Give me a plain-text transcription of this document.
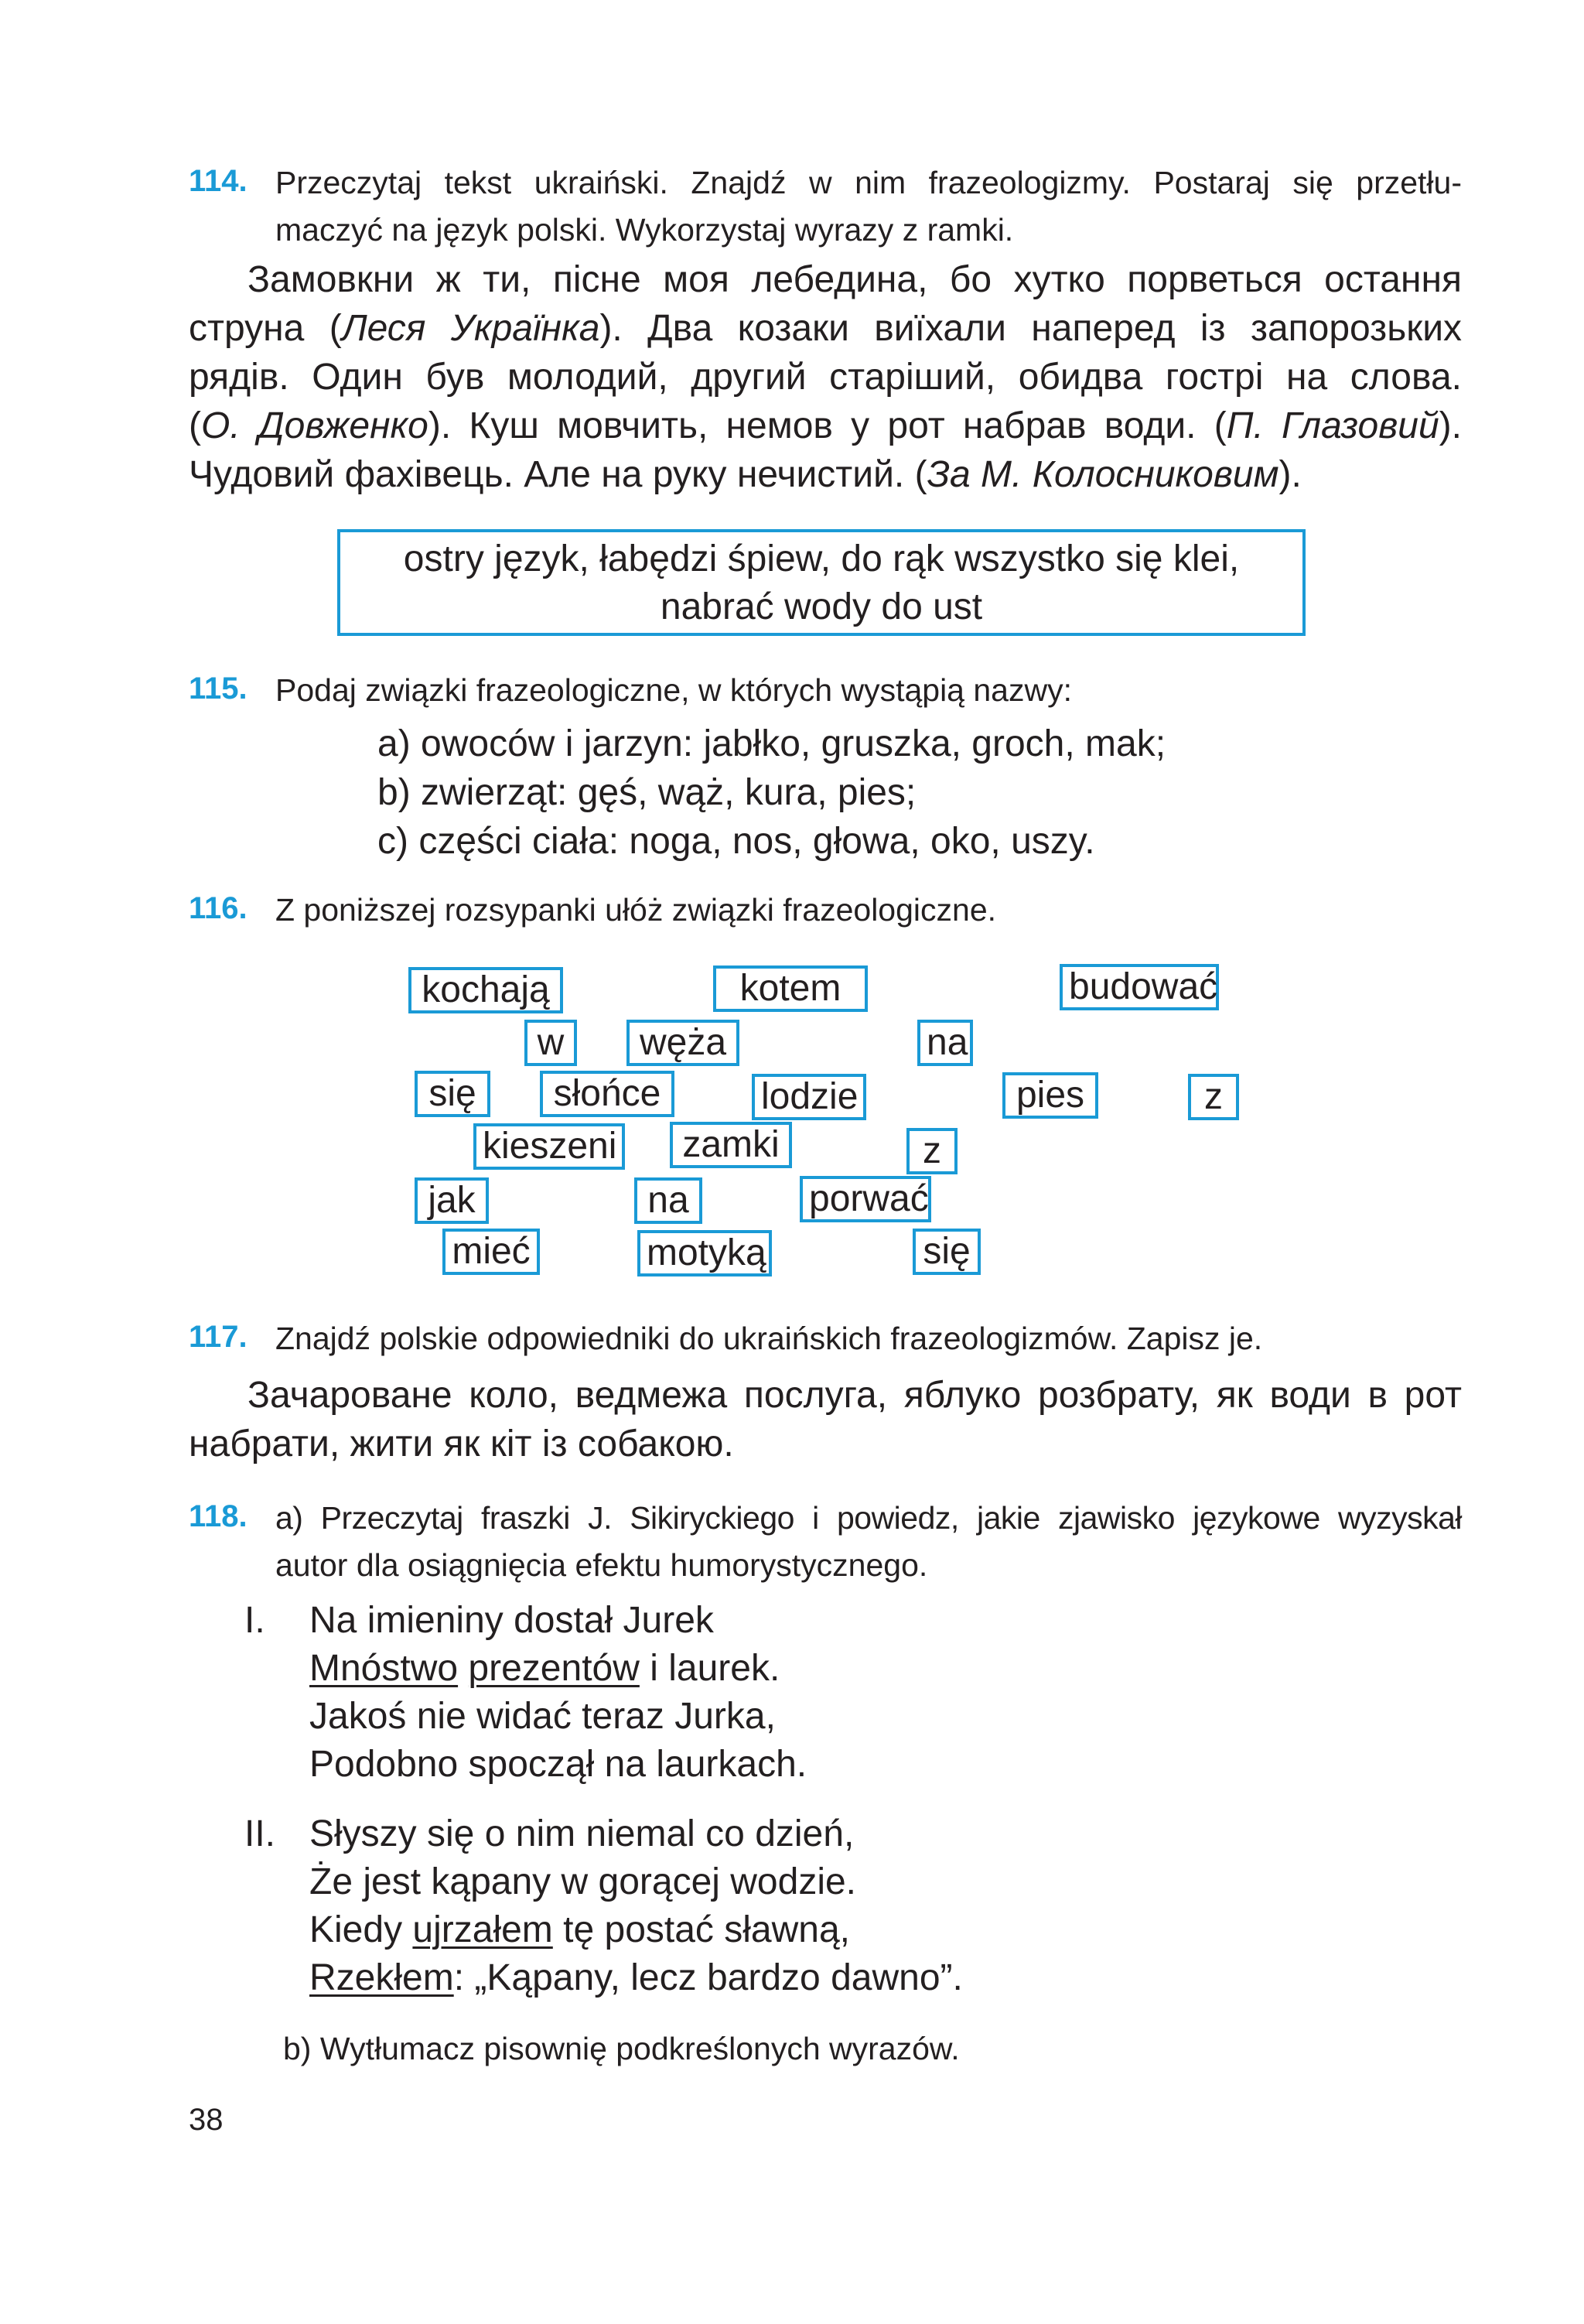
114. Przeczytaj tekst ukraiński. Znajdź w nim frazeologizmy. Postaraj się przetłu-
maczyć na język polski. Wykorzystaj wyrazy z ramki.
Замовкни ж ти, пісне моя лебедина, бо хутко порветься остання
струна (Леся Українка). Два козаки виїхали наперед із запорозьких
рядів. Один був молодий, другий старіший, обидва гострі на слова.
(О. Довженко). Куш мовчить, немов у рот набрав води. (П. Глазовий).
Чудовий фахівець. Але на руку нечистий. (За М. Колосниковим).
ostry język, łabędzi śpiew, do rąk wszystko się klei,
nabrać wody do ust
115. Podaj związki frazeologiczne, w których wystąpią nazwy:
a) owoców i jarzyn: jabłko, gruszka, groch, mak;
b) zwierząt: gęś, wąż, kura, pies;
c) części ciała: noga, nos, głowa, oko, uszy.
116. Z poniższej rozsypanki ułóż związki frazeologiczne.
kochają	kotem	budować
w	węża	na
się	słońce	lodzie	pies	z
kieszeni	zamki	z
jak	na	porwać
mieć	motyką	się
117. Znajdź polskie odpowiedniki do ukraińskich frazeologizmów. Zapisz je.
Зачароване коло, ведмежа послуга, яблуко розбрату, як води в рот
набрати, жити як кіт із собакою.
118. a) Przeczytaj fraszki J. Sikiryckiego i powiedz, jakie zjawisko językowe wyzyskał
autor dla osiągnięcia efektu humorystycznego.
I. Na imieniny dostał Jurek
Mnóstwo prezentów i laurek.
Jakoś nie widać teraz Jurka,
Podobno spoczął na laurkach.
II. Słyszy się o nim niemal co dzień,
Że jest kąpany w gorącej wodzie.
Kiedy ujrzałem tę postać sławną,
Rzekłem: „Kąpany, lecz bardzo dawno”.
b) Wytłumacz pisownię podkreślonych wyrazów.
38
